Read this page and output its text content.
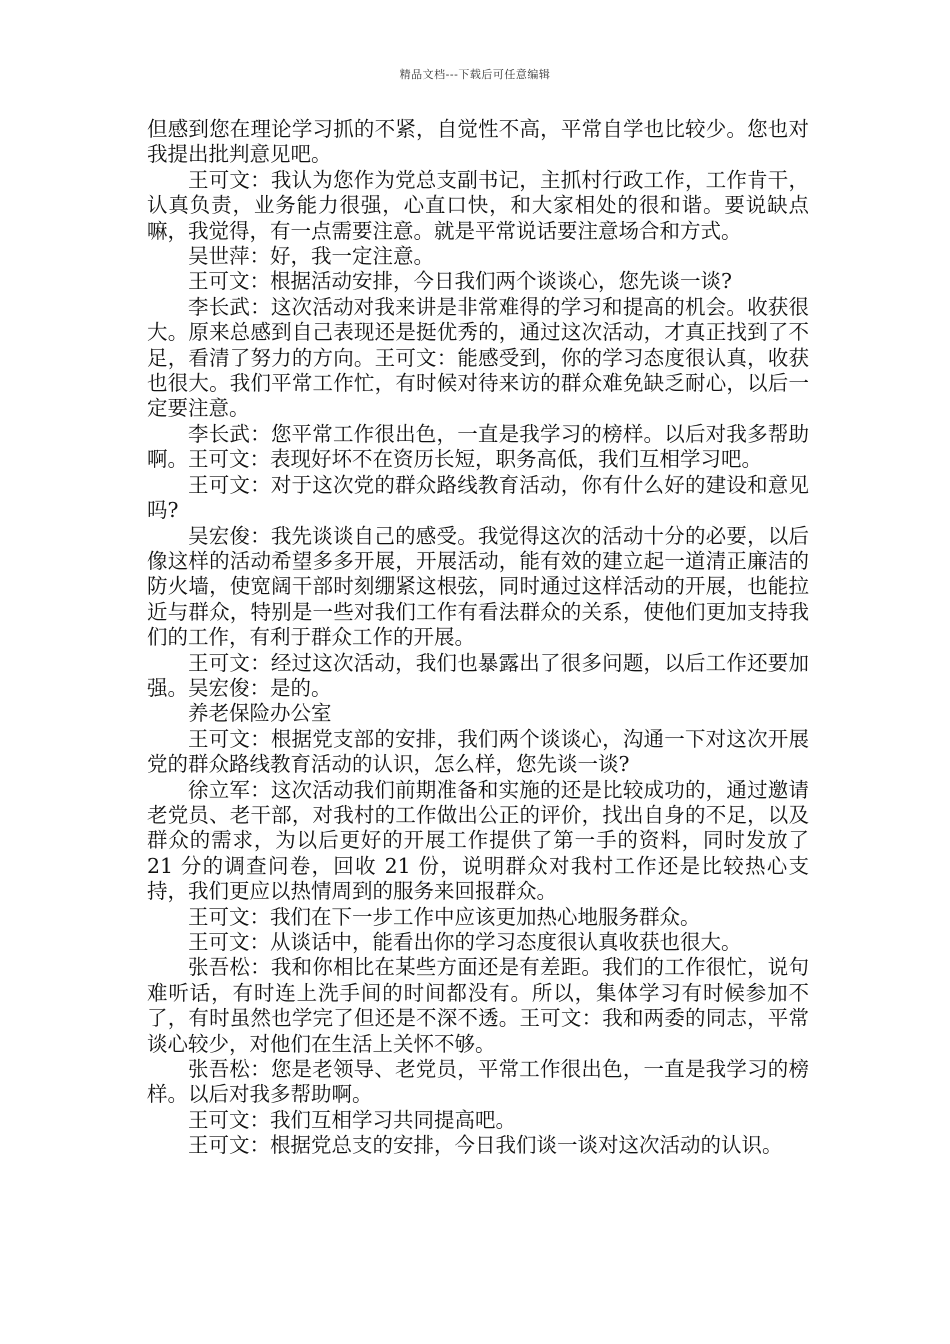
精品文档---下载后可任意编辑

但感到您在理论学习抓的不紧，自觉性不高，平常自学也比较少。您也对我提出批判意见吧。

王可文：我认为您作为党总支副书记，主抓村行政工作，工作肯干，认真负责，业务能力很强，心直口快，和大家相处的很和谐。要说缺点嘛，我觉得，有一点需要注意。就是平常说话要注意场合和方式。

吴世萍：好，我一定注意。

王可文：根据活动安排，今日我们两个谈谈心，您先谈一谈?

李长武：这次活动对我来讲是非常难得的学习和提高的机会。收获很大。原来总感到自己表现还是挺优秀的，通过这次活动，才真正找到了不足，看清了努力的方向。王可文：能感受到，你的学习态度很认真，收获也很大。我们平常工作忙，有时候对待来访的群众难免缺乏耐心，以后一定要注意。

李长武：您平常工作很出色，一直是我学习的榜样。以后对我多帮助啊。王可文：表现好坏不在资历长短，职务高低，我们互相学习吧。

王可文：对于这次党的群众路线教育活动，你有什么好的建设和意见吗?

吴宏俊：我先谈谈自己的感受。我觉得这次的活动十分的必要，以后像这样的活动希望多多开展，开展活动，能有效的建立起一道清正廉洁的防火墙，使宽阔干部时刻绷紧这根弦，同时通过这样活动的开展，也能拉近与群众，特别是一些对我们工作有看法群众的关系，使他们更加支持我们的工作，有利于群众工作的开展。

王可文：经过这次活动，我们也暴露出了很多问题，以后工作还要加强。吴宏俊：是的。

养老保险办公室

王可文：根据党支部的安排，我们两个谈谈心，沟通一下对这次开展党的群众路线教育活动的认识，怎么样，您先谈一谈?

徐立军：这次活动我们前期准备和实施的还是比较成功的，通过邀请老党员、老干部，对我村的工作做出公正的评价，找出自身的不足，以及群众的需求，为以后更好的开展工作提供了第一手的资料，同时发放了 21 分的调查问卷，回收 21 份，说明群众对我村工作还是比较热心支持，我们更应以热情周到的服务来回报群众。

王可文：我们在下一步工作中应该更加热心地服务群众。

王可文：从谈话中，能看出你的学习态度很认真收获也很大。

张吾松：我和你相比在某些方面还是有差距。我们的工作很忙，说句难听话，有时连上洗手间的时间都没有。所以，集体学习有时候参加不了，有时虽然也学完了但还是不深不透。王可文：我和两委的同志，平常谈心较少，对他们在生活上关怀不够。

张吾松：您是老领导、老党员，平常工作很出色，一直是我学习的榜样。以后对我多帮助啊。

王可文：我们互相学习共同提高吧。

王可文：根据党总支的安排，今日我们谈一谈对这次活动的认识。
